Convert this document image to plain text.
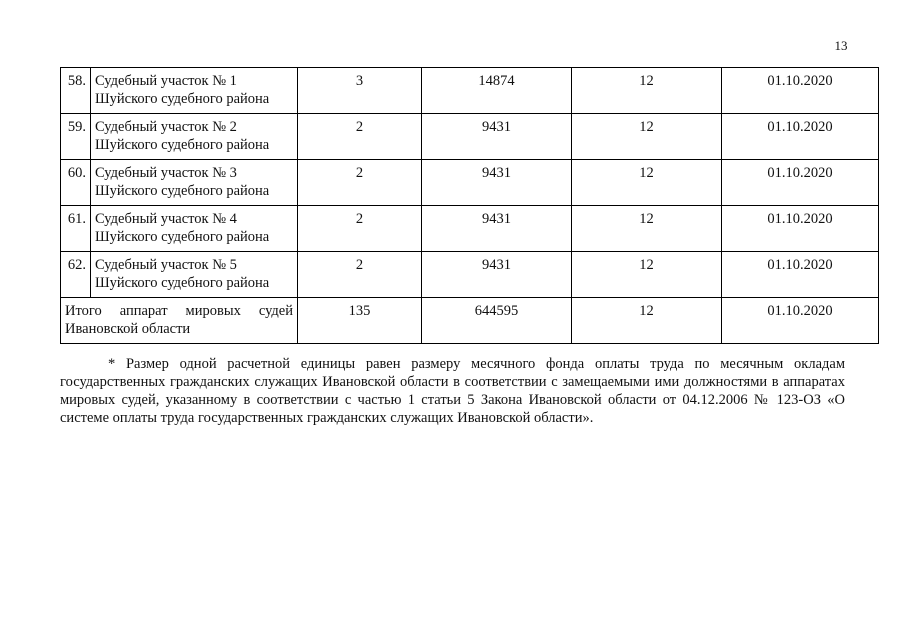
13
58.	Судебный участок № 1
Шуйского судебного района	3	14874	12	01.10.2020
59.	Судебный участок № 2
Шуйского судебного района	2	9431	12	01.10.2020
60.	Судебный участок № 3
Шуйского судебного района	2	9431	12	01.10.2020
61.	Судебный участок № 4
Шуйского судебного района	2	9431	12	01.10.2020
62.	Судебный участок № 5
Шуйского судебного района	2	9431	12	01.10.2020

Итого аппарат мировых судей
Ивановской области		135	644595	12	01.10.2020

* Размер одной расчетной единицы равен размеру месячного фонда оплаты труда по месячным окладам государственных гражданских служащих Ивановской области в соответствии с замещаемыми ими должностями в аппаратах мировых судей, указанному в соответствии с частью 1 статьи 5 Закона Ивановской области от 04.12.2006 № 123-ОЗ «О системе оплаты труда государственных гражданских служащих Ивановской области».
